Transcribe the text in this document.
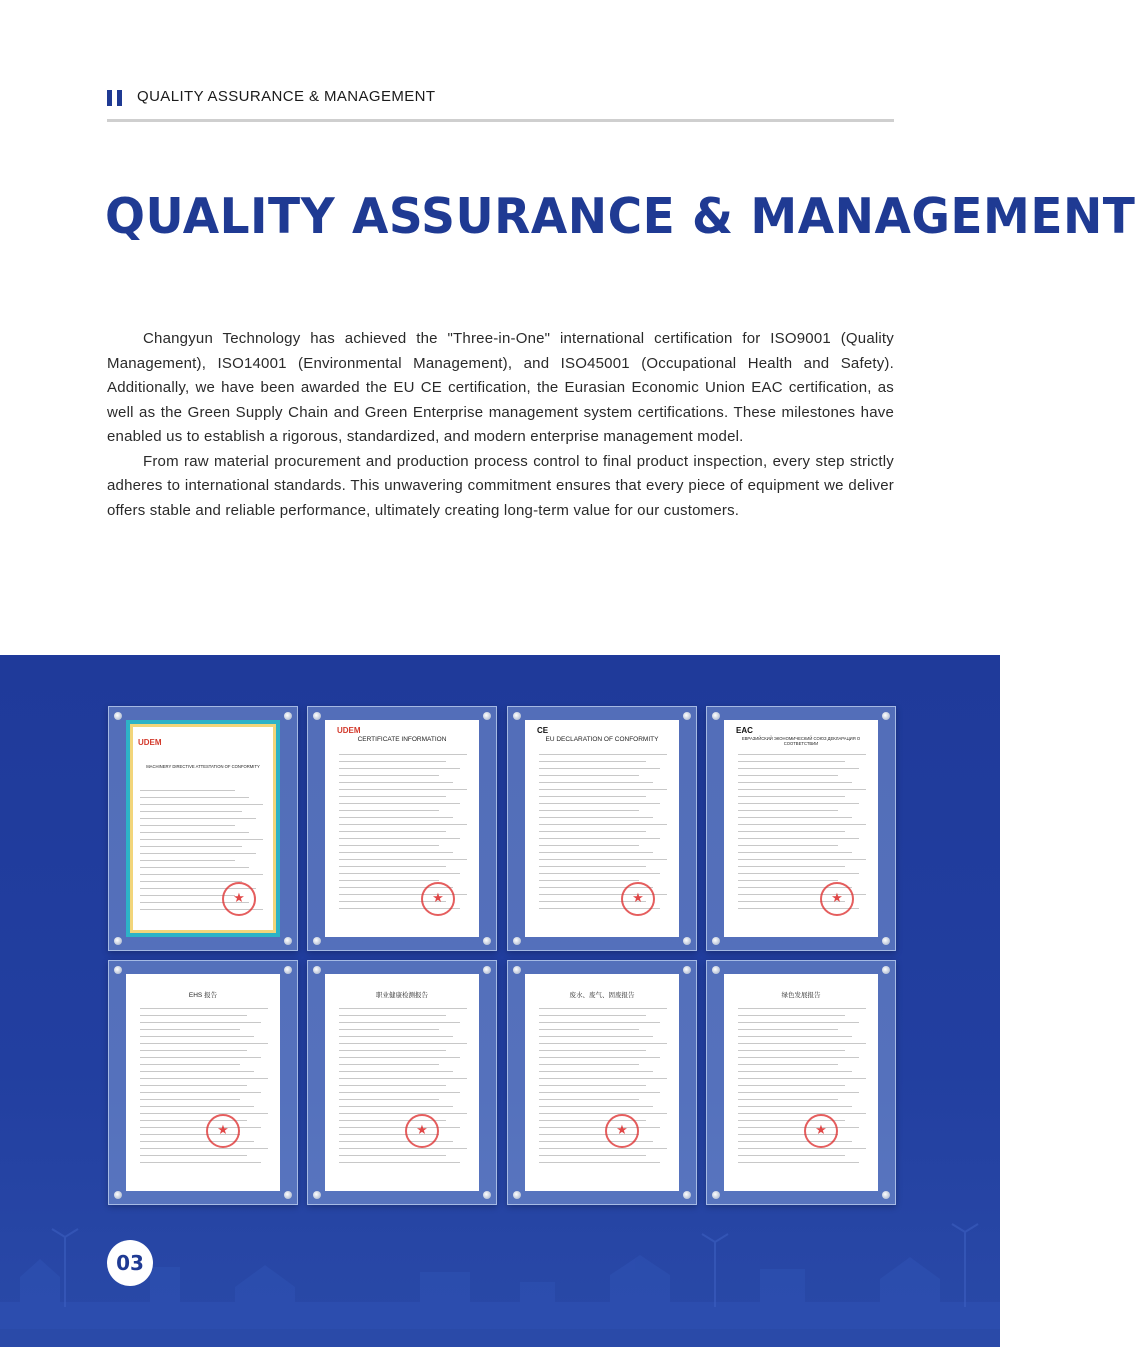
QUALITY ASSURANCE & MANAGEMENT
QUALITY ASSURANCE & MANAGEMENT

Changyun Technology has achieved the "Three-in-One" international certification for ISO9001 (Quality Management), ISO14001 (Environmental Management), and ISO45001 (Occupational Health and Safety). Additionally, we have been awarded the EU CE certification, the Eurasian Economic Union EAC certification, as well as the Green Supply Chain and Green Enterprise management system certifications. These milestones have enabled us to establish a rigorous, standardized, and modern enterprise management model.

From raw material procurement and production process control to final product inspection, every step strictly adheres to international standards. This unwavering commitment ensures that every piece of equipment we deliver offers stable and reliable performance, ultimately creating long-term value for our customers.

MACHINERY DIRECTIVE ATTESTATION OF CONFORMITY
UDEM
★	CERTIFICATE INFORMATION
UDEM
★
EU DECLARATION OF CONFORMITY
CE
★
ЕВРАЗИЙСКИЙ ЭКОНОМИЧЕСКИЙ СОЮЗ ДЕКЛАРАЦИЯ О СООТВЕТСТВИИ
EAC
★
EHS 报告
★	职业健康检测报告
★	废水、废气、固废报告
★	绿色发展报告
★
03
